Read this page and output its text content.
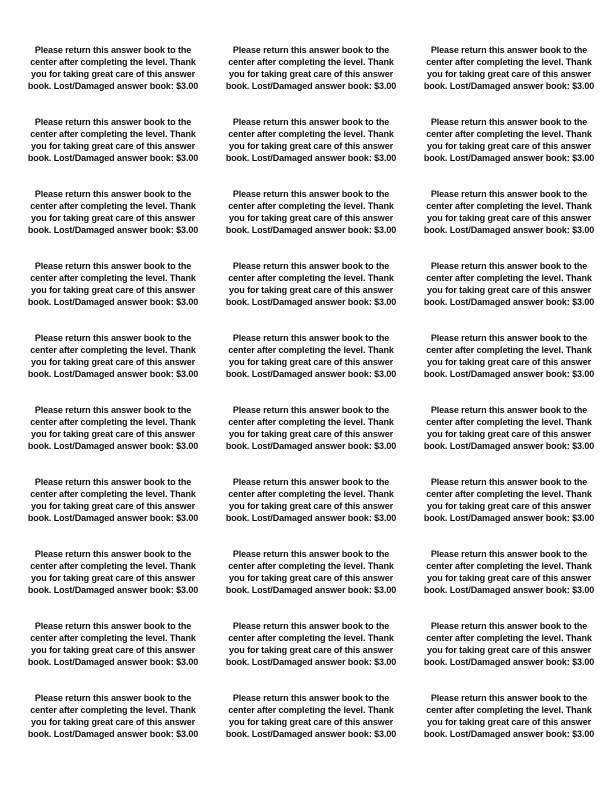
Please return this answer book to the
center after completing the level. Thank
you for taking great care of this answer
book. Lost/Damaged answer book: $3.00

Please return this answer book to the
center after completing the level. Thank
you for taking great care of this answer
book. Lost/Damaged answer book: $3.00

Please return this answer book to the
center after completing the level. Thank
you for taking great care of this answer
book. Lost/Damaged answer book: $3.00

Please return this answer book to the
center after completing the level. Thank
you for taking great care of this answer
book. Lost/Damaged answer book: $3.00

Please return this answer book to the
center after completing the level. Thank
you for taking great care of this answer
book. Lost/Damaged answer book: $3.00

Please return this answer book to the
center after completing the level. Thank
you for taking great care of this answer
book. Lost/Damaged answer book: $3.00

Please return this answer book to the
center after completing the level. Thank
you for taking great care of this answer
book. Lost/Damaged answer book: $3.00

Please return this answer book to the
center after completing the level. Thank
you for taking great care of this answer
book. Lost/Damaged answer book: $3.00

Please return this answer book to the
center after completing the level. Thank
you for taking great care of this answer
book. Lost/Damaged answer book: $3.00

Please return this answer book to the
center after completing the level. Thank
you for taking great care of this answer
book. Lost/Damaged answer book: $3.00

Please return this answer book to the
center after completing the level. Thank
you for taking great care of this answer
book. Lost/Damaged answer book: $3.00

Please return this answer book to the
center after completing the level. Thank
you for taking great care of this answer
book. Lost/Damaged answer book: $3.00

Please return this answer book to the
center after completing the level. Thank
you for taking great care of this answer
book. Lost/Damaged answer book: $3.00

Please return this answer book to the
center after completing the level. Thank
you for taking great care of this answer
book. Lost/Damaged answer book: $3.00

Please return this answer book to the
center after completing the level. Thank
you for taking great care of this answer
book. Lost/Damaged answer book: $3.00

Please return this answer book to the
center after completing the level. Thank
you for taking great care of this answer
book. Lost/Damaged answer book: $3.00

Please return this answer book to the
center after completing the level. Thank
you for taking great care of this answer
book. Lost/Damaged answer book: $3.00

Please return this answer book to the
center after completing the level. Thank
you for taking great care of this answer
book. Lost/Damaged answer book: $3.00

Please return this answer book to the
center after completing the level. Thank
you for taking great care of this answer
book. Lost/Damaged answer book: $3.00

Please return this answer book to the
center after completing the level. Thank
you for taking great care of this answer
book. Lost/Damaged answer book: $3.00

Please return this answer book to the
center after completing the level. Thank
you for taking great care of this answer
book. Lost/Damaged answer book: $3.00

Please return this answer book to the
center after completing the level. Thank
you for taking great care of this answer
book. Lost/Damaged answer book: $3.00

Please return this answer book to the
center after completing the level. Thank
you for taking great care of this answer
book. Lost/Damaged answer book: $3.00

Please return this answer book to the
center after completing the level. Thank
you for taking great care of this answer
book. Lost/Damaged answer book: $3.00

Please return this answer book to the
center after completing the level. Thank
you for taking great care of this answer
book. Lost/Damaged answer book: $3.00

Please return this answer book to the
center after completing the level. Thank
you for taking great care of this answer
book. Lost/Damaged answer book: $3.00

Please return this answer book to the
center after completing the level. Thank
you for taking great care of this answer
book. Lost/Damaged answer book: $3.00

Please return this answer book to the
center after completing the level. Thank
you for taking great care of this answer
book. Lost/Damaged answer book: $3.00

Please return this answer book to the
center after completing the level. Thank
you for taking great care of this answer
book. Lost/Damaged answer book: $3.00

Please return this answer book to the
center after completing the level. Thank
you for taking great care of this answer
book. Lost/Damaged answer book: $3.00
